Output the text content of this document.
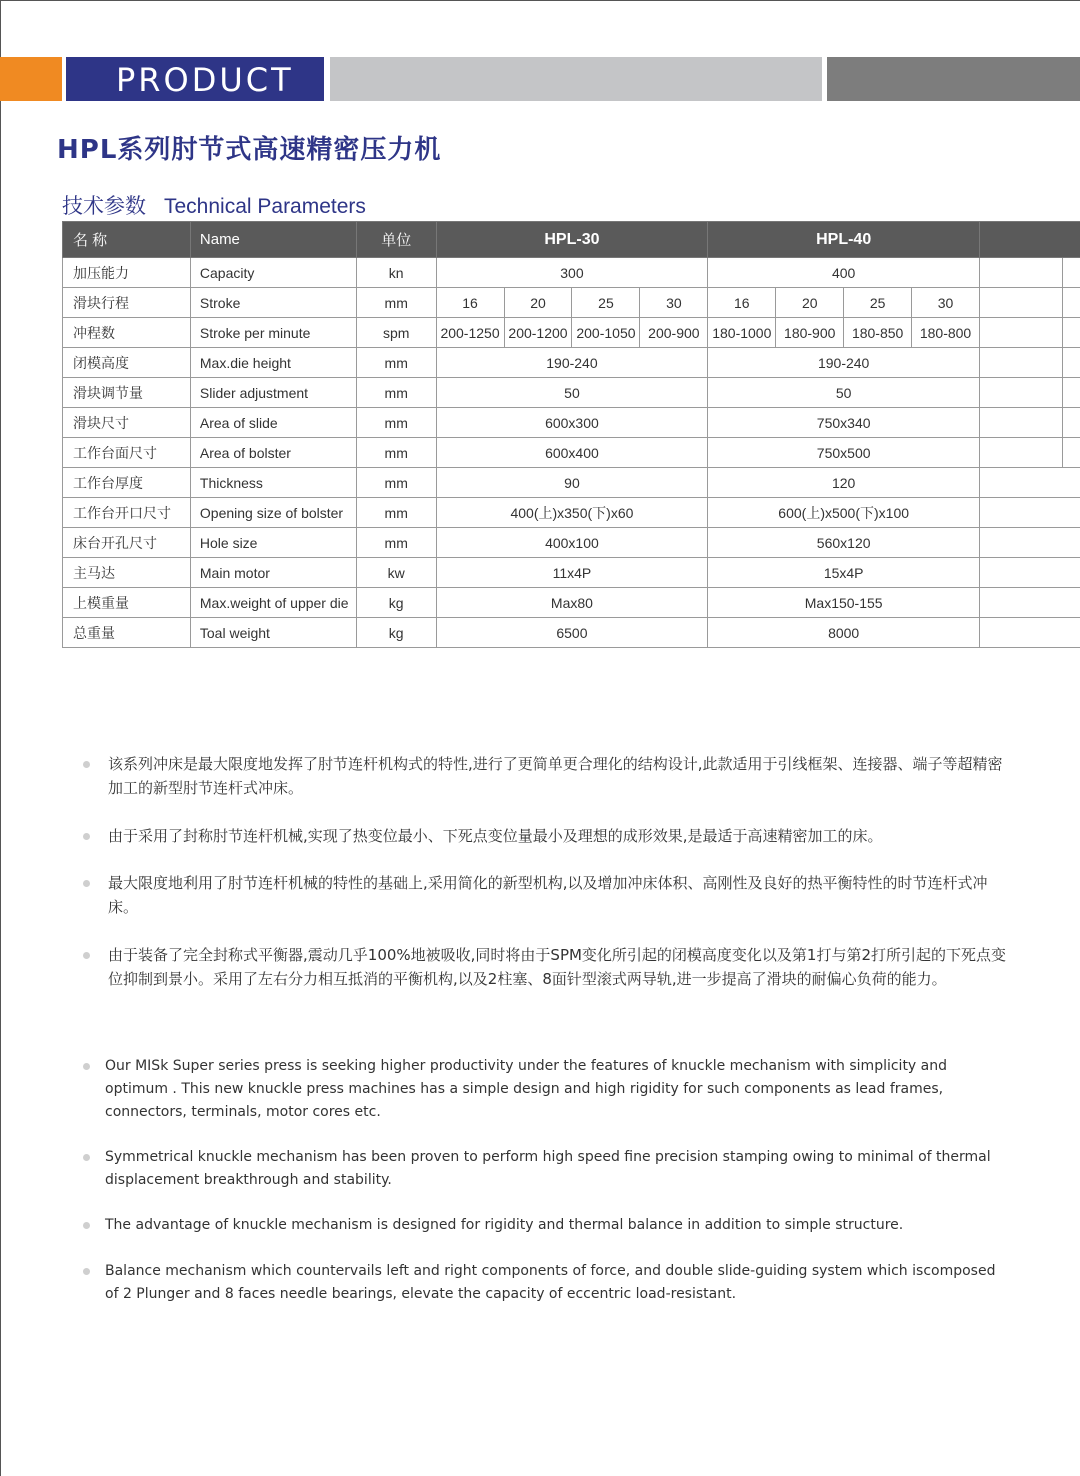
PRODUCT
HPL系列肘节式高速精密压力机
技术参数 Technical Parameters
名 称	Name	单位	HPL-30				HPL-40					
加压能力	Capacity	kn	300				400					
滑块行程	Stroke	mm	16	20	25	30	16	20	25	30		
冲程数	Stroke per minute	spm	200-1250	200-1200	200-1050	200-900	180-1000	180-900	180-850	180-800		
闭模高度	Max.die height	mm	190-240				190-240					
滑块调节量	Slider adjustment	mm	50				50					
滑块尺寸	Area of slide	mm	600x300				750x340					
工作台面尺寸	Area of bolster	mm	600x400				750x500					
工作台厚度	Thickness	mm	90				120					
工作台开口尺寸	Opening size of bolster	mm	400(上)x350(下)x60				600(上)x500(下)x100					
床台开孔尺寸	Hole size	mm	400x100				560x120					
主马达	Main motor	kw	11x4P				15x4P					
上模重量	Max.weight of upper die	kg	Max80				Max150-155					
总重量	Toal weight	kg	6500				8000					
该系列冲床是最大限度地发挥了肘节连杆机构式的特性,进行了更简单更合理化的结构设计,此款适用于引线框架、连接器、端子等超精密加工的新型肘节连杆式冲床。
由于采用了封称肘节连杆机械,实现了热变位最小、下死点变位量最小及理想的成形效果,是最适于高速精密加工的床。
最大限度地利用了肘节连杆机械的特性的基础上,采用简化的新型机构,以及增加冲床体积、高刚性及良好的热平衡特性的时节连杆式冲床。
由于装备了完全封称式平衡器,震动几乎100%地被吸收,同时将由于SPM变化所引起的闭模高度变化以及第1打与第2打所引起的下死点变位抑制到景小。采用了左右分力相互抵消的平衡机构,以及2柱塞、8面针型滚式两导轨,进一步提高了滑块的耐偏心负荷的能力。
Our MISk Super series press is seeking higher productivity under the features of knuckle mechanism with simplicity and optimum . This new knuckle press machines has a simple design and high rigidity for such components as lead frames, connectors, terminals, motor cores etc.
Symmetrical knuckle mechanism has been proven to perform high speed fine precision stamping owing to minimal of thermal displacement breakthrough and stability.
The advantage of knuckle mechanism is designed for rigidity and thermal balance in addition to simple structure.
Balance mechanism which countervails left and right components of force, and double slide-guiding system which iscomposed of 2 Plunger and 8 faces needle bearings, elevate the capacity of eccentric load-resistant.
